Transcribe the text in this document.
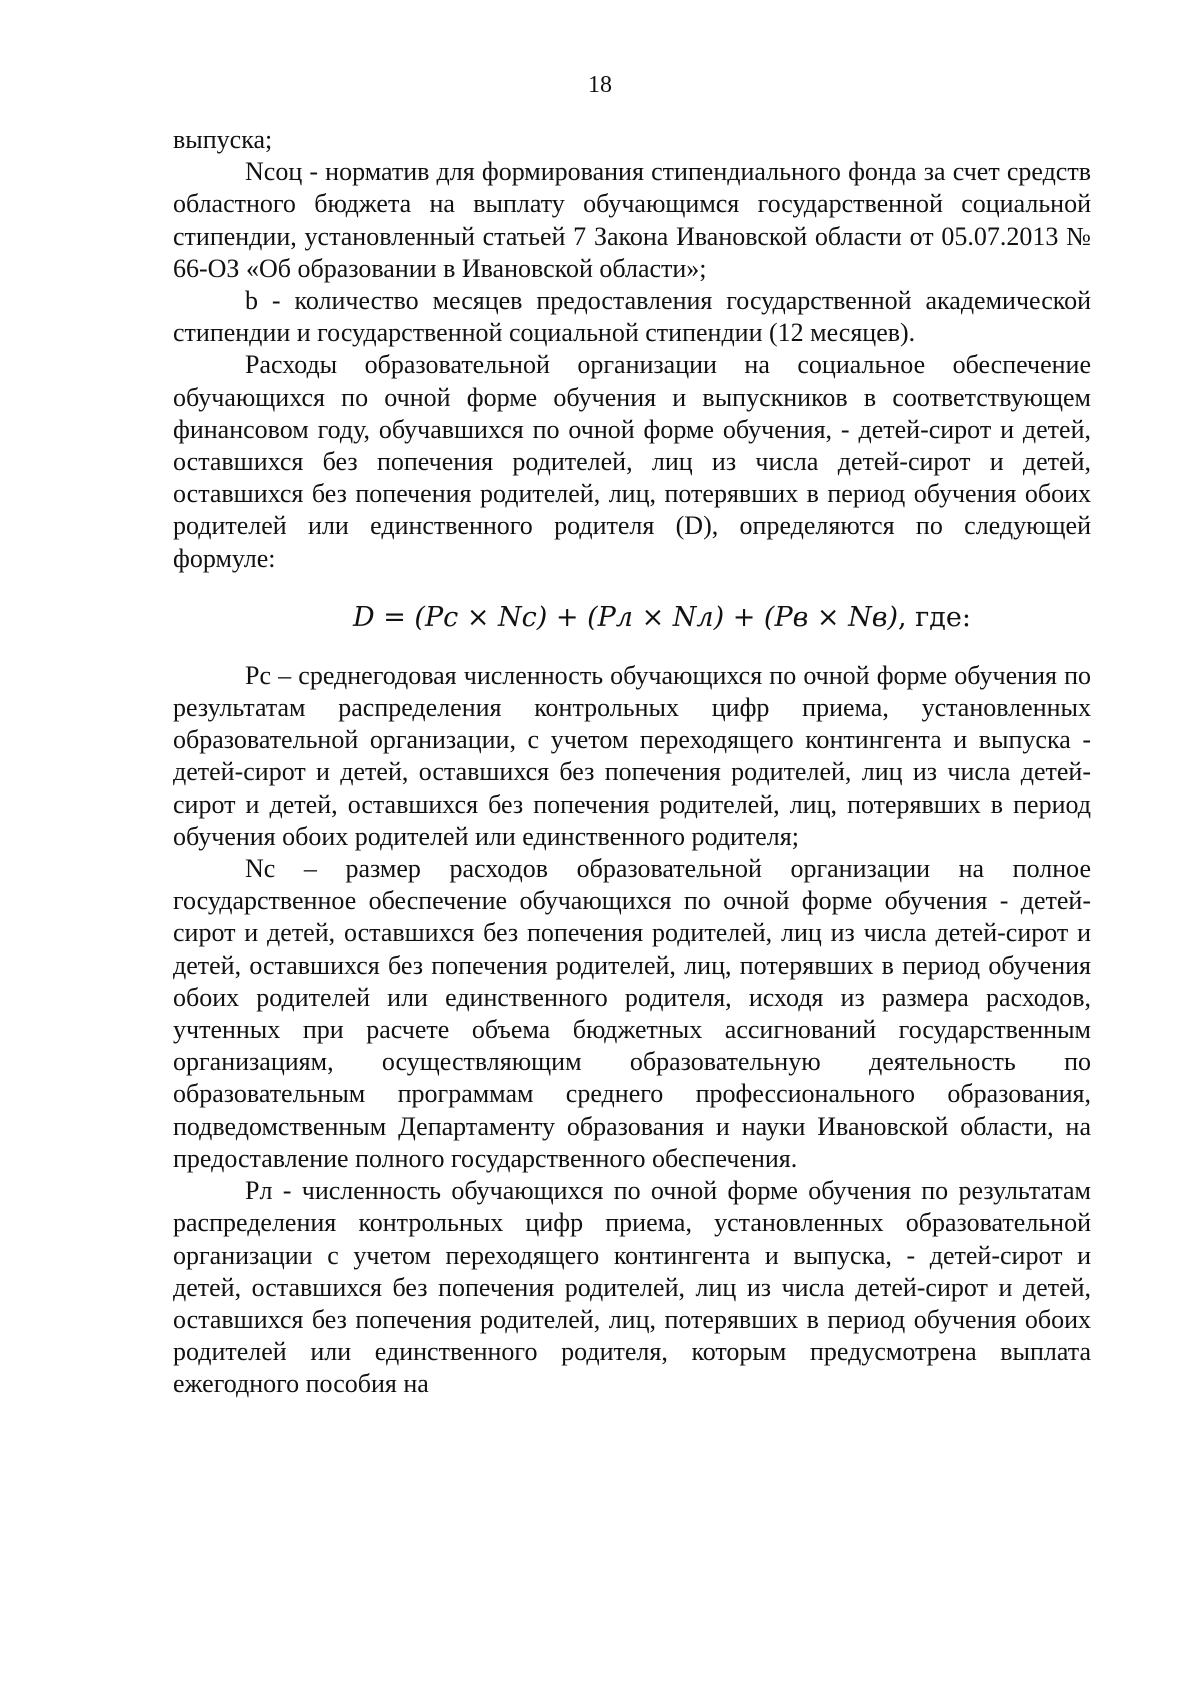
18

выпуска;

Nсоц - норматив для формирования стипендиального фонда за счет средств областного бюджета на выплату обучающимся государственной социальной стипендии, установленный статьей 7 Закона Ивановской области от 05.07.2013 № 66-ОЗ «Об образовании в Ивановской области»;

b - количество месяцев предоставления государственной академической стипендии и государственной социальной стипендии (12 месяцев).

Расходы образовательной организации на социальное обеспечение обучающихся по очной форме обучения и выпускников в соответствующем финансовом году, обучавшихся по очной форме обучения, - детей-сирот и детей, оставшихся без попечения родителей, лиц из числа детей-сирот и детей, оставшихся без попечения родителей, лиц, потерявших в период обучения обоих родителей или единственного родителя (D), определяются по следующей формуле:

D = (Pс × Nс) + (Pл × Nл) + (Pв × Nв), где:

Pс – среднегодовая численность обучающихся по очной форме обучения по результатам распределения контрольных цифр приема, установленных образовательной организации, с учетом переходящего контингента и выпуска - детей-сирот и детей, оставшихся без попечения родителей, лиц из числа детей-сирот и детей, оставшихся без попечения родителей, лиц, потерявших в период обучения обоих родителей или единственного родителя;

Nс – размер расходов образовательной организации на полное государственное обеспечение обучающихся по очной форме обучения - детей-сирот и детей, оставшихся без попечения родителей, лиц из числа детей-сирот и детей, оставшихся без попечения родителей, лиц, потерявших в период обучения обоих родителей или единственного родителя, исходя из размера расходов, учтенных при расчете объема бюджетных ассигнований государственным организациям, осуществляющим образовательную деятельность по образовательным программам среднего профессионального образования, подведомственным Департаменту образования и науки Ивановской области, на предоставление полного государственного обеспечения.

Pл - численность обучающихся по очной форме обучения по результатам распределения контрольных цифр приема, установленных образовательной организации с учетом переходящего контингента и выпуска, - детей-сирот и детей, оставшихся без попечения родителей, лиц из числа детей-сирот и детей, оставшихся без попечения родителей, лиц, потерявших в период обучения обоих родителей или единственного родителя, которым предусмотрена выплата ежегодного пособия на
